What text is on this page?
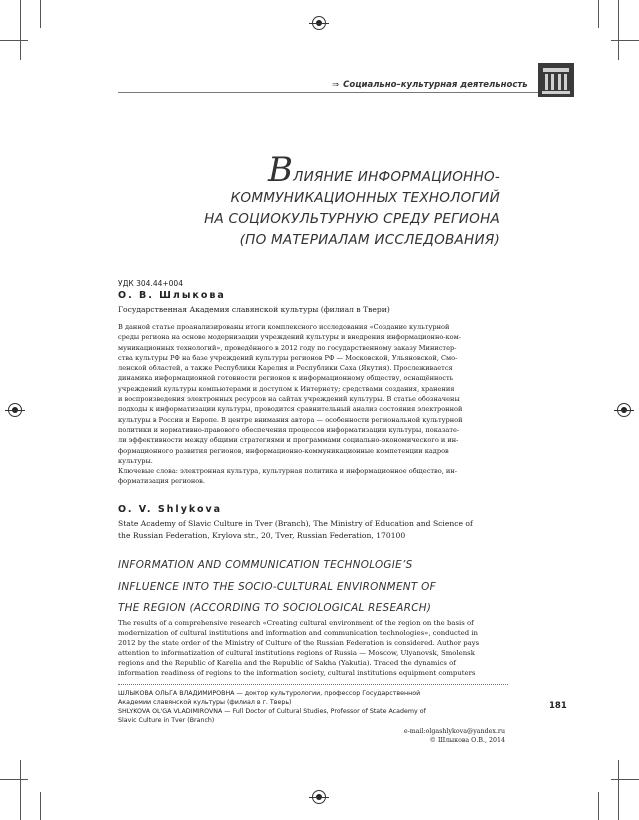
⇒ Социально–культурная деятельность
ВЛИЯНИЕ ИНФОРМАЦИОННО-
КОММУНИКАЦИОННЫХ ТЕХНОЛОГИЙ
НА СОЦИОКУЛЬТУРНУЮ СРЕДУ РЕГИОНА
(ПО МАТЕРИАЛАМ ИССЛЕДОВАНИЯ)
УДК 304.44+004
О. В. Шлыкова
Государственная Академия славянской культуры (филиал в Твери)
В данной статье проанализированы итоги комплексного исследования «Создание культурной
среды региона на основе модернизации учреждений культуры и внедрения информационно-ком-
муникационных технологий», проведённого в 2012 году по государственному заказу Министер-
ства культуры РФ на базе учреждений культуры регионов РФ — Московской, Ульяновской, Смо-
ленской областей, а также Республики Карелия и Республики Саха (Якутия). Прослеживается
динамика информационной готовности регионов к информационному обществу, оснащённость
учреждений культуры компьютерами и доступом к Интернету; средствами создания, хранения
и воспроизведения электронных ресурсов на сайтах учреждений культуры. В статье обозначены
подходы к информатизации культуры, проводится сравнительный анализ состояния электронной
культуры в России и Европе. В центре внимания автора — особенности региональной культурной
политики и нормативно-правового обеспечения процессов информатизации культуры, показате-
ли эффективности между общими стратегиями и программами социально-экономического и ин-
формационного развития регионов, информационно-коммуникационные компетенции кадров
культуры.
Ключевые слова: электронная культура, культурная политика и информационное общество, ин-
форматизация регионов.
O. V. Shlykova
State Academy of Slavic Culture in Tver (Branch), The Ministry of Education and Science of
the Russian Federation, Krylova str., 20, Tver, Russian Federation, 170100
INFORMATION AND COMMUNICATION TECHNOLOGIE’S
INFLUENCE INTO THE SOCIO-CULTURAL ENVIRONMENT OF
THE REGION (ACCORDING TO SOCIOLOGICAL RESEARCH)
The results of a comprehensive research «Creating cultural environment of the region on the basis of
modernization of cultural institutions and information and communication technologies», conducted in
2012 by the state order of the Ministry of Culture of the Russian Federation is considered. Author pays
attention to informatization of cultural institutions regions of Russia — Moscow, Ulyanovsk, Smolensk
regions and the Republic of Karelia and the Republic of Sakha (Yakutia). Traced the dynamics of
information readiness of regions to the information society, cultural institutions equipment computers
ШЛЫКОВА ОЛЬГА ВЛАДИМИРОВНА — доктор культурологии, профессор Государственной
Академии славянской культуры (филиал в г. Тверь)
SHLYKOVA OL'GA VLADIMIROVNA — Full Doctor of Cultural Studies, Professor of State Academy of
Slavic Culture in Tver (Branch)
181
e-mail:olgashlykova@yandex.ru
© Шлыкова О.В., 2014
